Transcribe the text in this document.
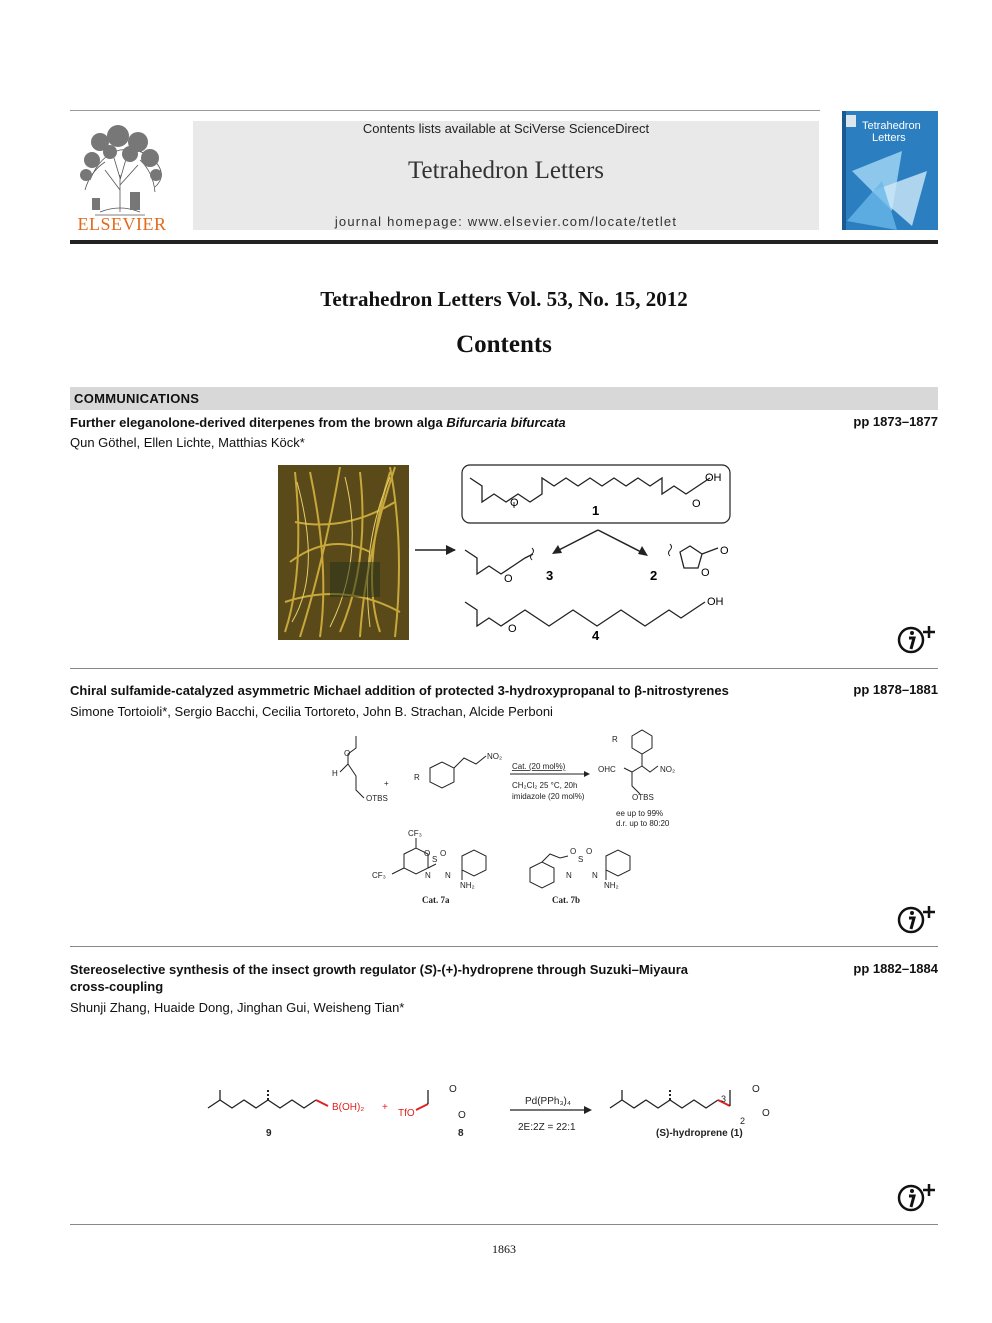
ELSEVIER
Contents lists available at SciVerse ScienceDirect
Tetrahedron Letters
journal homepage: www.elsevier.com/locate/tetlet
Tetrahedron
Letters
Tetrahedron Letters Vol. 53, No. 15, 2012
Contents
COMMUNICATIONS
Further eleganolone-derived diterpenes from the brown alga Bifurcaria bifurcata	pp 1873–1877
Qun Göthel, Ellen Lichte, Matthias Köck*
O	O
OH
1
O	3
O
O
2
OH
O	4
Chiral sulfamide-catalyzed asymmetric Michael addition of protected 3-hydroxypropanal to β-nitrostyrenes	pp 1878–1881
Simone Tortoioli*, Sergio Bacchi, Cecilia Tortoreto, John B. Strachan, Alcide Perboni
O
H
OTBS
+
R
NO₂
Cat. (20 mol%)
CH₂Cl₂ 25 °C, 20h
imidazole (20 mol%)
R
NO₂
OHC
OTBS
ee up to 99%
d.r. up to 80:20
CF₃
CF₃	N
S
O O
N
NH₂
Cat. 7a
N
S
O O
N
NH₂
Cat. 7b
Stereoselective synthesis of the insect growth regulator (S)-(+)-hydroprene through Suzuki–Miyaura
cross-coupling
pp 1882–1884
Shunji Zhang, Huaide Dong, Jinghan Gui, Weisheng Tian*
B(OH)₂
9
+
TfO
O
O
8
Pd(PPh₃)₄
2E:2Z = 22:1
O
O
3
2
(S)-hydroprene (1)
1863
